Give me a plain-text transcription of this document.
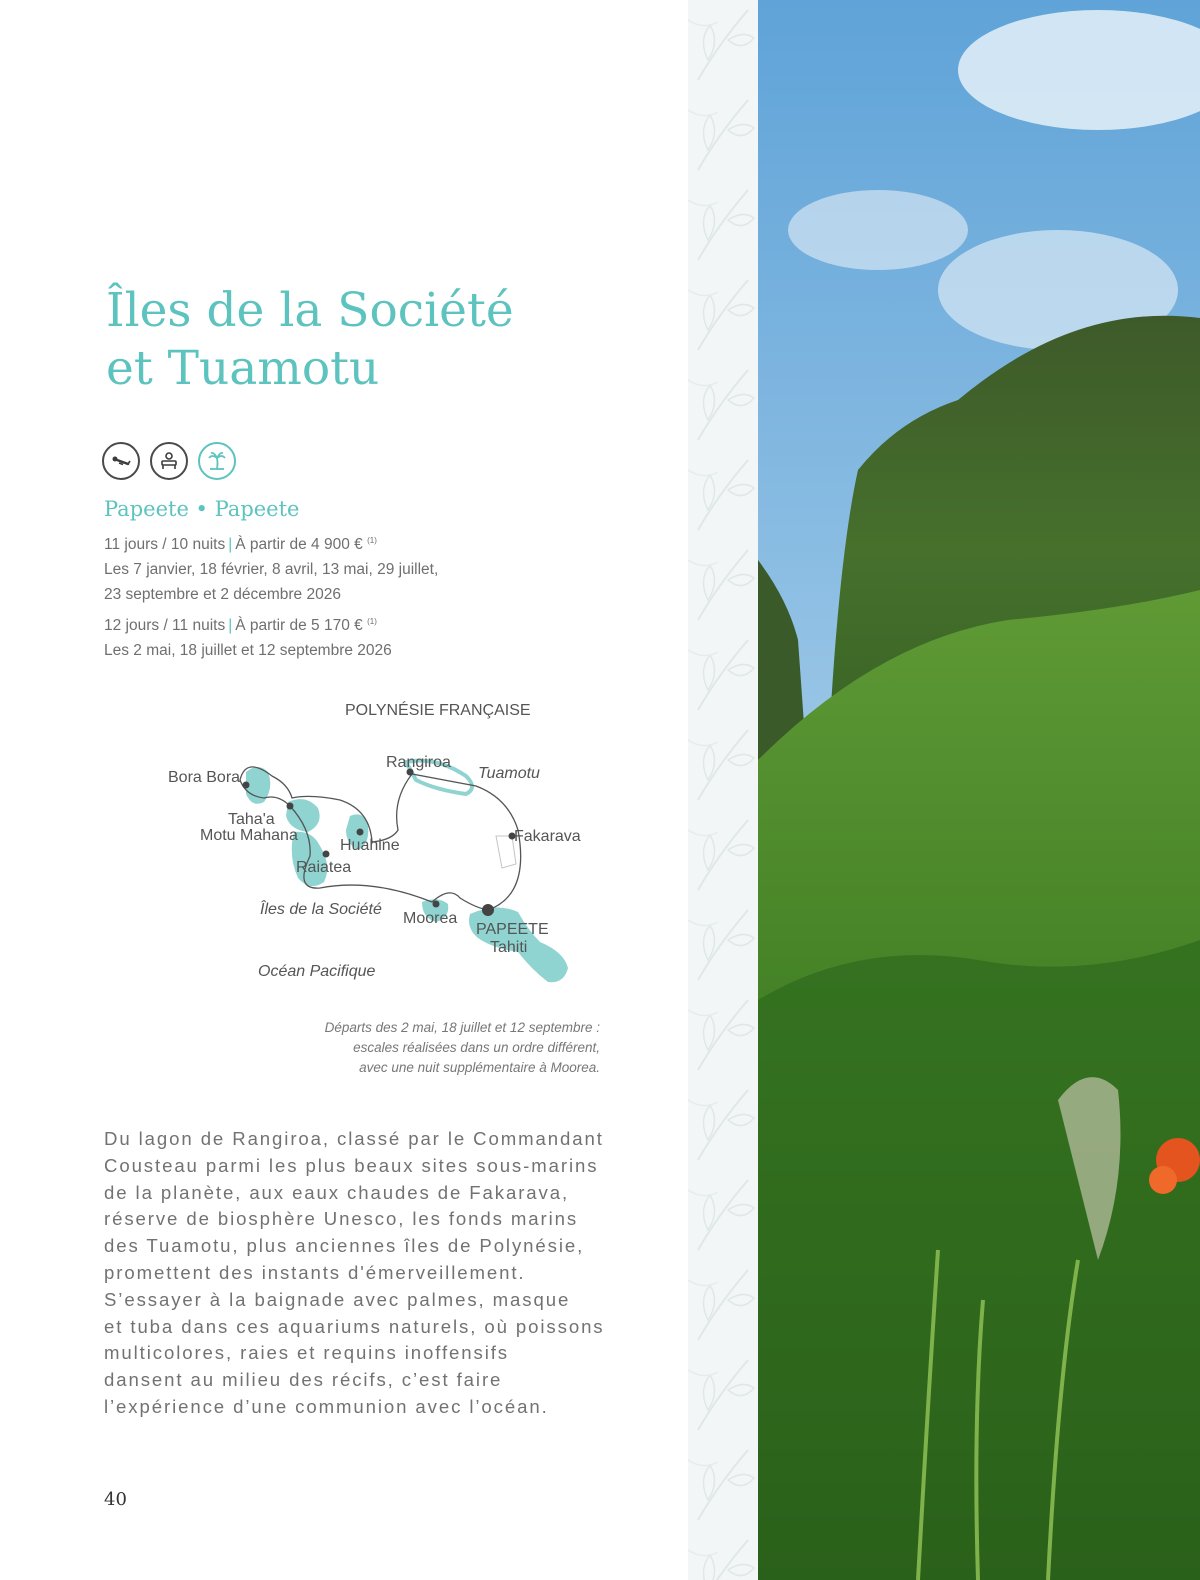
Îles de la Société
et Tuamotu
Papeete • Papeete
11 jours / 10 nuits | À partir de 4 900 € $^{(1)}$
Les 7 janvier, 18 février, 8 avril, 13 mai, 29 juillet,
23 septembre et 2 décembre 2026
12 jours / 11 nuits | À partir de 5 170 € $^{(1)}$
Les 2 mai, 18 juillet et 12 septembre 2026
POLYNÉSIE FRANÇAISE
Bora Bora
Taha'a
Motu Mahana
Raiatea
Huahine
Rangiroa
Fakarava
Moorea
PAPEETE
Tahiti
Tuamotu
Îles de la Société
Océan Pacifique
Départs des 2 mai, 18 juillet et 12 septembre :
escales réalisées dans un ordre différent,
avec une nuit supplémentaire à Moorea.
Du lagon de Rangiroa, classé par le Commandant
Cousteau parmi les plus beaux sites sous-marins
de la planète, aux eaux chaudes de Fakarava,
réserve de biosphère Unesco, les fonds marins
des Tuamotu, plus anciennes îles de Polynésie,
promettent des instants d'émerveillement.
S’essayer à la baignade avec palmes, masque
et tuba dans ces aquariums naturels, où poissons
multicolores, raies et requins inoffensifs
dansent au milieu des récifs, c’est faire
l’expérience d’une communion avec l’océan.
40
